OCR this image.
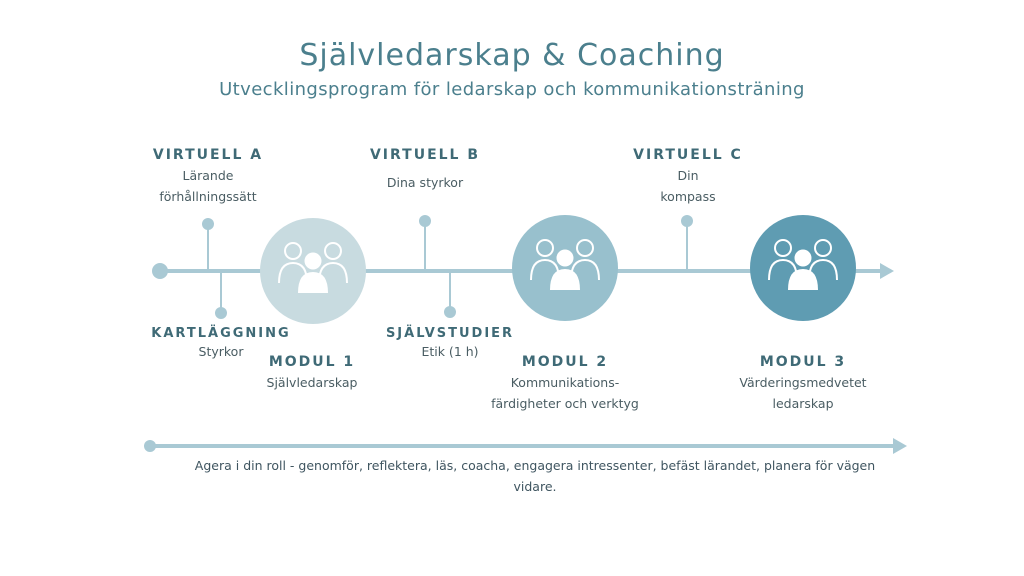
Självledarskap & Coaching
Utvecklingsprogram för ledarskap och kommunikationsträning
VIRTUELL A
Lärande
förhållningssätt
VIRTUELL B
Dina styrkor
VIRTUELL C
Din
kompass
KARTLÄGGNING
Styrkor
SJÄLVSTUDIER
Etik (1 h)
MODUL 1
Självledarskap
MODUL 2
Kommunikations-
färdigheter och verktyg
MODUL 3
Värderingsmedvetet
ledarskap
Agera i din roll - genomför, reflektera, läs, coacha, engagera intressenter, befäst lärandet, planera för vägen vidare.
